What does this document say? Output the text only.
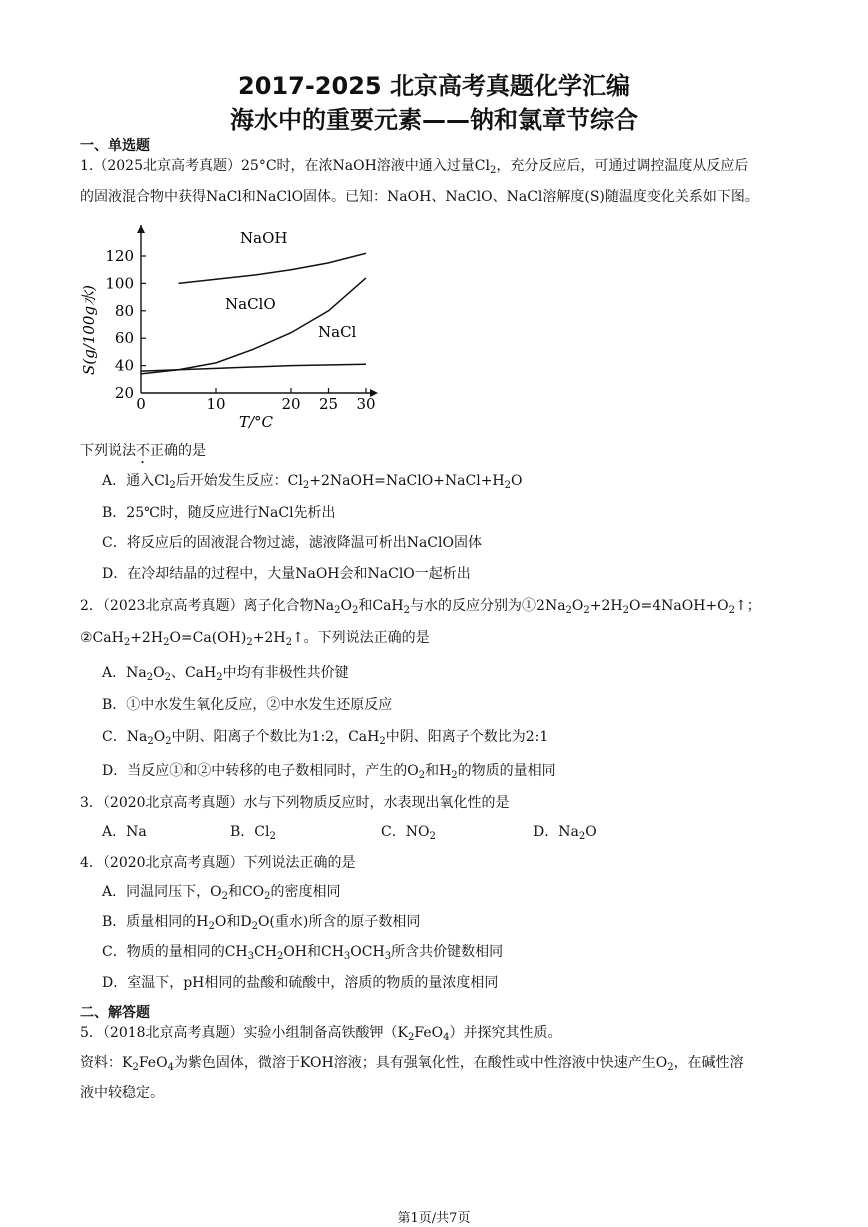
2017-2025 北京高考真题化学汇编
海水中的重要元素——钠和氯章节综合
一、单选题
1.（2025北京高考真题）25°C时，在浓NaOH溶液中通入过量$Cl_2$，充分反应后，可通过调控温度从反应后
的固液混合物中获得NaCl和NaClO固体。已知：NaOH、NaClO、NaCl溶解度(S)随温度变化关系如下图。
0	10	20 25 30
20
40
60
80
100
120
NaOH
NaClO
NaCl
S(g/100g水)
T/°C
下列说法不正确的是
A．通入$Cl_2$后开始发生反应：$Cl_2+2NaOH=NaClO+NaCl+H_2O$
B．25℃时，随反应进行NaCl先析出
C．将反应后的固液混合物过滤，滤液降温可析出NaClO固体
D．在冷却结晶的过程中，大量NaOH会和NaClO一起析出
2．（2023北京高考真题）离子化合物$Na_2O_2$和CaH$_2$与水的反应分别为$①2Na_2O_2+2H_2O=4NaOH+O_2↑$；
$②CaH_2+2H_2O=Ca(OH)_2+2H_2↑$。下列说法正确的是
A．$Na_2O_2$、CaH$_2$中均有非极性共价键
B．①中水发生氧化反应，②中水发生还原反应
C．$Na_2O_2$中阴、阳离子个数比为1:2，CaH$_2$中阴、阳离子个数比为2:1
D．当反应①和②中转移的电子数相同时，产生的$O_2$和$H_2$的物质的量相同
3．（2020北京高考真题）水与下列物质反应时，水表现出氧化性的是
A．Na	B．$Cl_2$	C．$NO_2$	D．$Na_2O$
4．（2020北京高考真题）下列说法正确的是
A．同温同压下，$O_2$和$CO_2$的密度相同
B．质量相同的$H_2O$和$D_2O$(重水)所含的原子数相同
C．物质的量相同的$CH_3CH_2OH$和$CH_3OCH_3$所含共价键数相同
D．室温下，pH相同的盐酸和硫酸中，溶质的物质的量浓度相同
二、解答题
5．（2018北京高考真题）实验小组制备高铁酸钾$(K_2FeO_4)$并探究其性质。
资料：$K_2FeO_4$为紫色固体，微溶于KOH溶液；具有强氧化性，在酸性或中性溶液中快速产生$O_2$，在碱性溶
液中较稳定。
第1页/共7页
